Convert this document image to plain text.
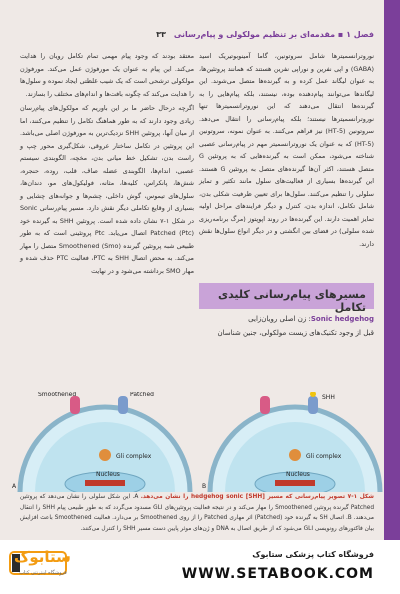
فصل ۱ ▪ مقدمه‌ای بر تنظیم مولکولی و پیام‌رسانی
۳۳

نوروترانسمیترها شامل سروتونین، گاما آمینوبوتیریک اسید (GABA) و اپی نفرین و نوراپی نفرین هستند که همانند پروتئین‌ها، به عنوان لیگاند عمل کرده و به گیرنده‌ها متصل می‌شوند. این لیگاندها می‌توانند پیام‌دهنده بوده، نیستند، بلکه پیام‌هایی را به گیرنده‌ها انتقال می‌دهند که این نوروترانسمیترها تنها نوروترانسمیترها نیستند؛ بلکه پیام‌رسانی را انتقال می‌دهد. سروتونین (5-HT) نیز فراهم می‌کنند. به عنوان نمونه، سروتونین (HT-5) که به عنوان یک نوروترانسمیتر مهم در پیام‌رسانی عصبی شناخته می‌شود، ممکن است به گیرنده‌هایی که به پروتئین G متصل هستند، اکثر آن‌ها گیرنده‌های متصل به پروتئین G هستند. این گیرنده‌ها بسیاری از فعالیت‌های سلول مانند تکثیر و تمایز سلولی را تنظیم می‌کنند. سلول‌ها برای تعیین ظرفیت شکلی بدن، شامل تکامل، اندازه بدن، کنترل و دیگر فرایندهای مراحل اولیه تمایز اهمیت دارند. این گیرنده‌ها در روند اپوپتوز (مرگ برنامه‌ریزی شده سلولی) در فضای بین انگشتی و در دیگر انواع سلول‌ها نقش دارند.

معتقد بودند که وجود پیام مهمی تمام تکامل رویان را هدایت می‌کند. این پیام به عنوان یک مورفوژن عمل می‌کند. مورفوژن مولکولی ترشحی است که یک شیب غلظتی ایجاد نموده و سلول‌ها را هدایت می‌کند که چگونه بافت‌ها و اندام‌های مختلف را بسازند.

اگرچه درحال حاضر ما بر این باوریم که مولکول‌های پیام‌رسان زیادی وجود دارند که به طور هماهنگ تکامل را تنظیم می‌کنند، اما از میان آنها، پروتئین SHH نزدیک‌ترین به مورفوژن اصلی می‌باشد. این پروتئین در تکامل ساختار عروقی، شکل‌گیری محور چپ و راست بدن، تشکیل خط میانی بدن، مخچه، الگوبندی سیستم عصبی، اندام‌ها، الگوبندی عضله صاف، قلب، روده، حنجره، شش‌ها، پانکراس، کلیه‌ها، مثانه، فولیکول‌های مو، دندان‌ها، سلول‌های تیموس، گوش داخلی، چشم‌ها و جوانه‌های چشایی و بسیاری از وقایع تکاملی دیگر نقش دارد. مسیر پیام‌رسانی Sonic در شکل ۱-۷ نشان داده شده است. پروتئین SHH به گیرنده خود Patched (Ptc) اتصال می‌یابد. Ptc پروتئینی است که به طور طبیعی شبه پروتئین گیرنده Smoothened (Smo) متصل را مهار می‌کند. به محض اتصال SHH به PTC، فعالیت PTC حذف شده و مهار SMO برداشته می‌شود و در نهایت

مسیرهای پیام‌رسانی کلیدی تکامل
Sonic hedgehog: زن اصلی رویان‌زایی
قبل از وجود تکنیک‌های زیست مولکولی، جنین شناسان
A
Smoothened	Patched
Gli complex
Nucleus
B
SHH
Gli complex
Nucleus
شکل ۱-۷ تصویر پیام‌رسانی که مسیر [SHH] hedgehog sonic را نشان می‌دهد. A. این شکل سلولی را نشان می‌دهد که پروتئین Patched گیرنده پروتئین Smoothened را مهار می‌کند و در نتیجه فعالیت پروتئین‌های GLI مسدود می‌گردد که به طور طبیعی پیام SHH را انتقال می‌دهند. B. اتصال SH به گیرنده خود (Patched) اثر مهاری Patched را از روی Smoothened بر می‌دارد. فعالیت Smoothened باعث افزایش بیان فاکتورهای رونویسی GLI می‌شود که از طریق اتصال به DNA و ژن‌های موثر پایین دست مسیر SHH را کنترل می‌کنند.
ستابوک
فروشگاه اینترنتی کتاب
فروشگاه کتاب پزشکی ستابوک
WWW.SETABOOK.COM
